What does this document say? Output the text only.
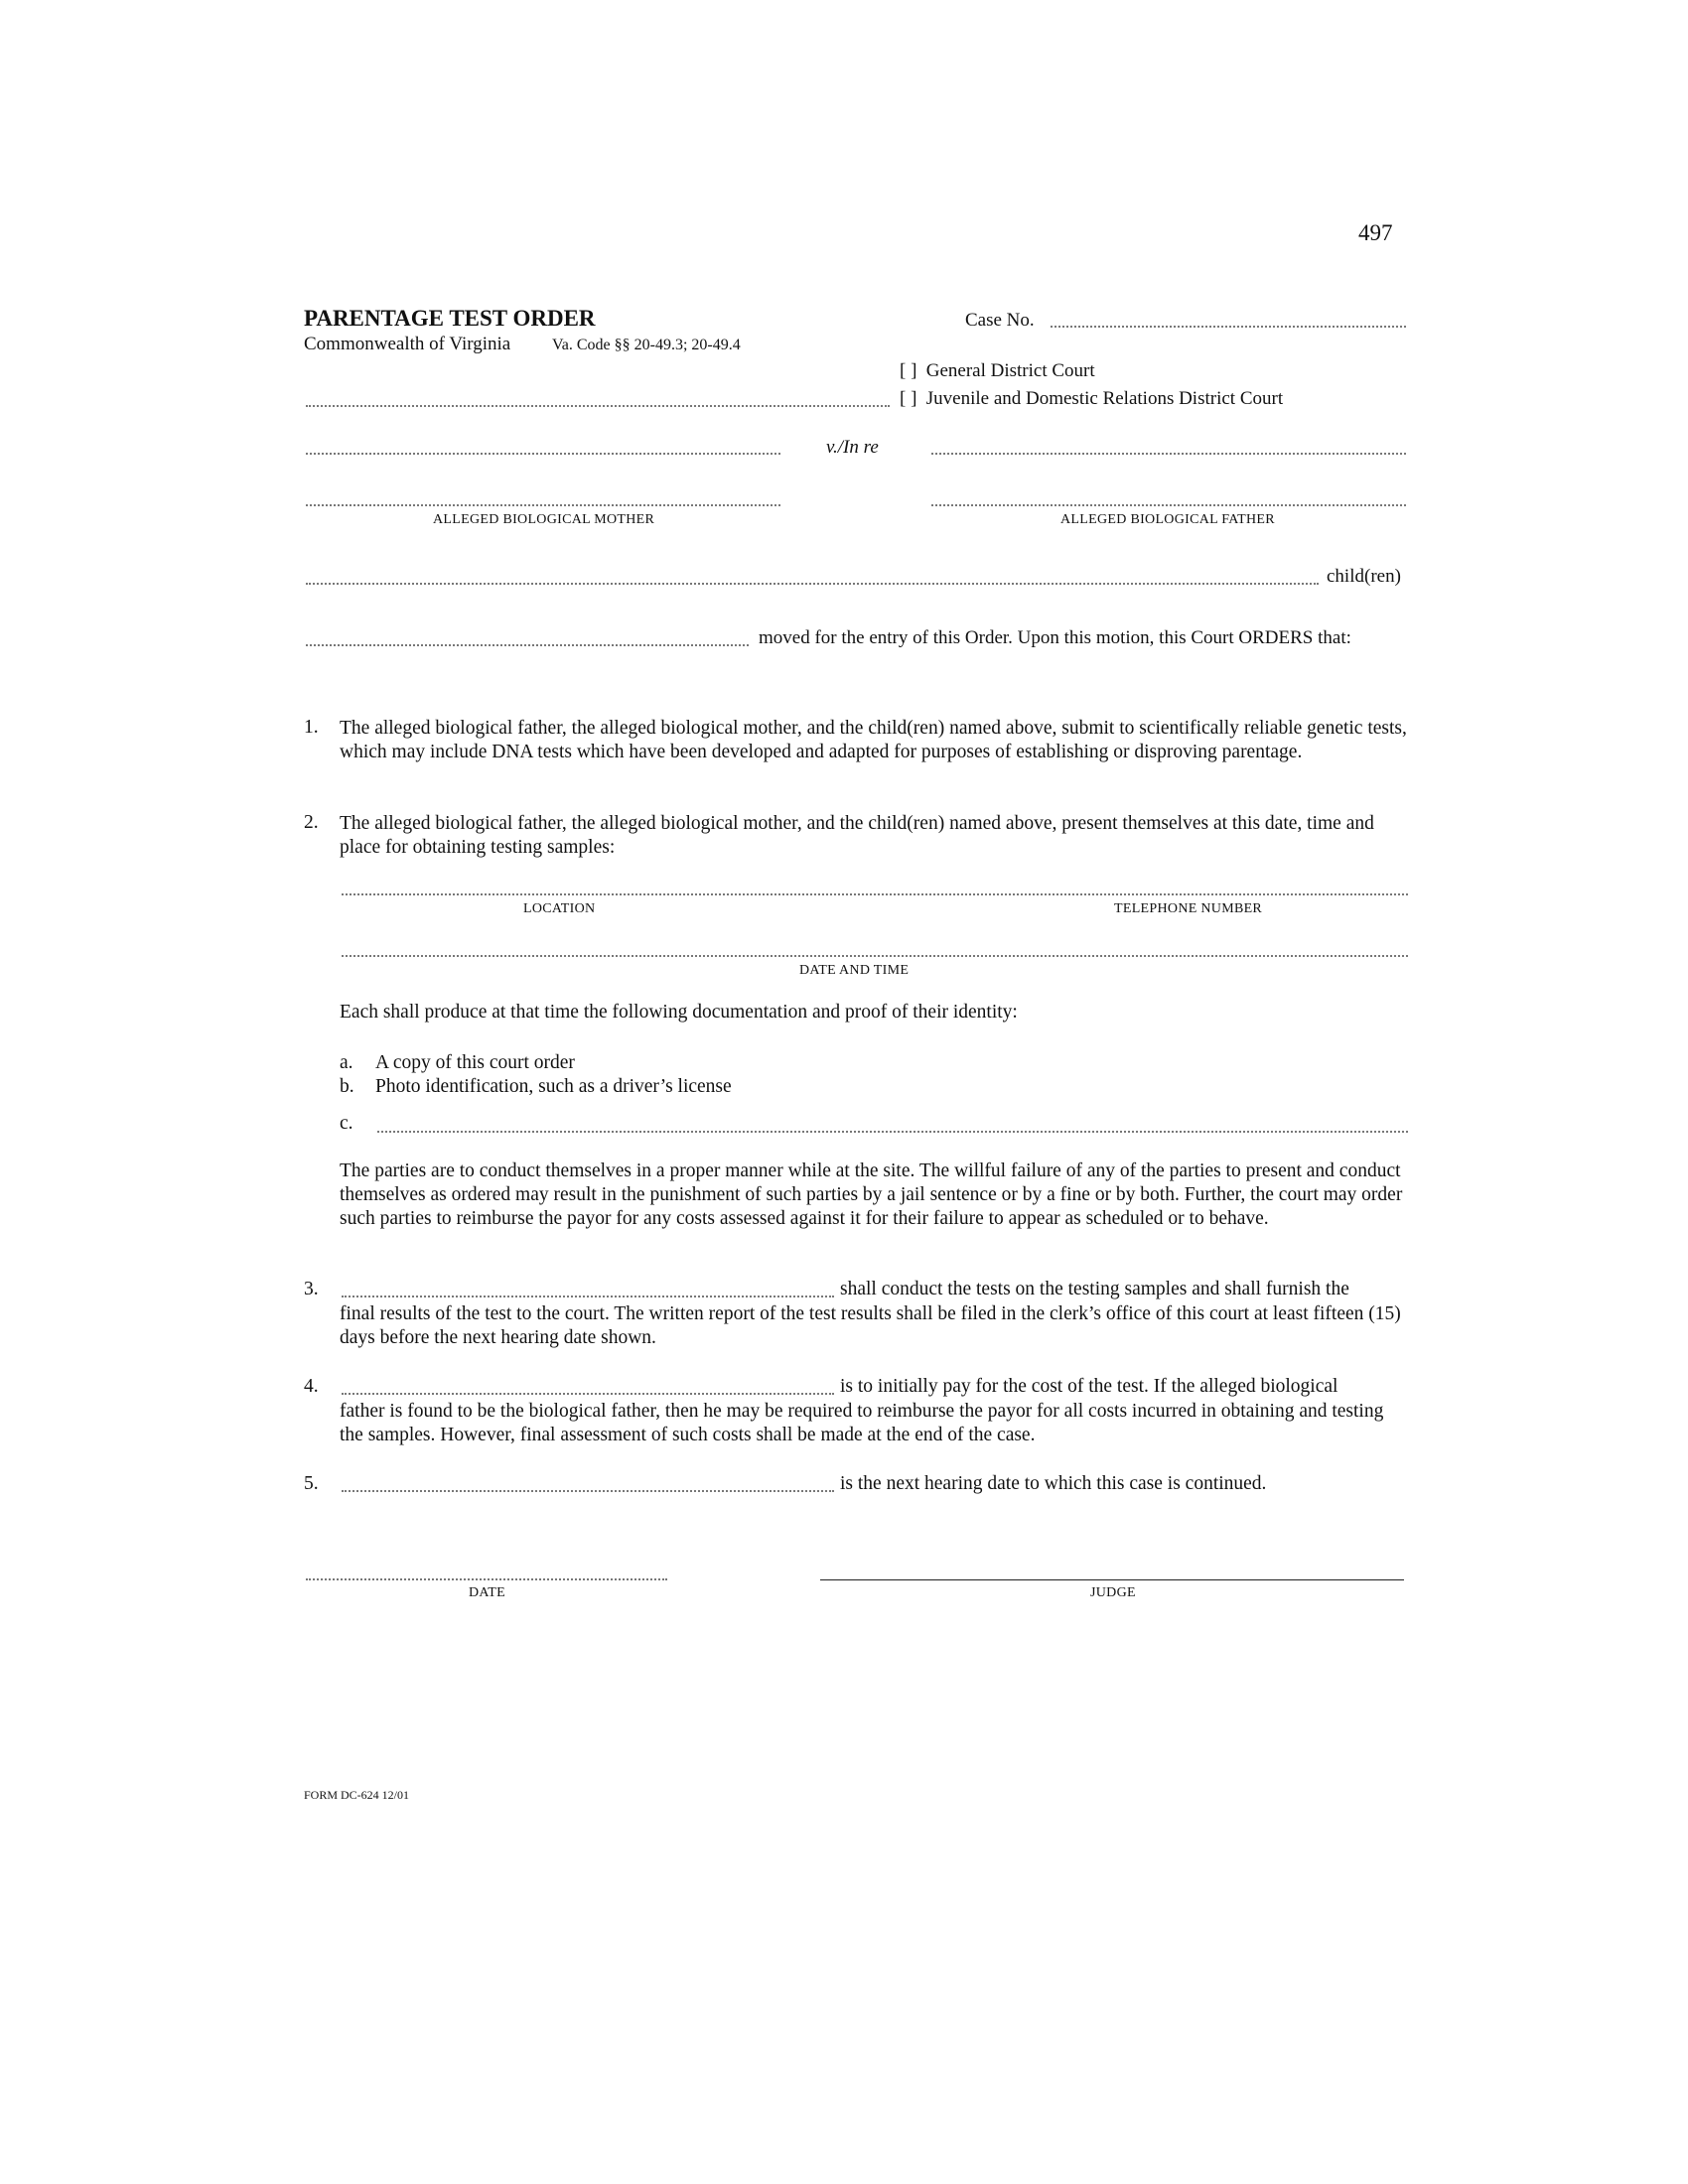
497
PARENTAGE TEST ORDER
Commonwealth of Virginia	Va. Code §§ 20-49.3; 20-49.4
Case No.
[ ] General District Court
[ ] Juvenile and Domestic Relations District Court
v./In re
ALLEGED BIOLOGICAL MOTHER	ALLEGED BIOLOGICAL FATHER
child(ren)
moved for the entry of this Order. Upon this motion, this Court ORDERS that:
1. The alleged biological father, the alleged biological mother, and the child(ren) named above, submit to scientifically reliable genetic tests, which may include DNA tests which have been developed and adapted for purposes of establishing or disproving parentage.
2. The alleged biological father, the alleged biological mother, and the child(ren) named above, present themselves at this date, time and place for obtaining testing samples:
LOCATION	TELEPHONE NUMBER
DATE AND TIME
Each shall produce at that time the following documentation and proof of their identity:
a. A copy of this court order
b. Photo identification, such as a driver’s license
c.
The parties are to conduct themselves in a proper manner while at the site. The willful failure of any of the parties to present and conduct themselves as ordered may result in the punishment of such parties by a jail sentence or by a fine or by both. Further, the court may order such parties to reimburse the payor for any costs assessed against it for their failure to appear as scheduled or to behave.
3.	shall conduct the tests on the testing samples and shall furnish the
final results of the test to the court. The written report of the test results shall be filed in the clerk’s office of this court at least fifteen (15) days before the next hearing date shown.
4.	is to initially pay for the cost of the test. If the alleged biological
father is found to be the biological father, then he may be required to reimburse the payor for all costs incurred in obtaining and testing the samples. However, final assessment of such costs shall be made at the end of the case.
5.	is the next hearing date to which this case is continued.
DATE	JUDGE
FORM DC-624 12/01
